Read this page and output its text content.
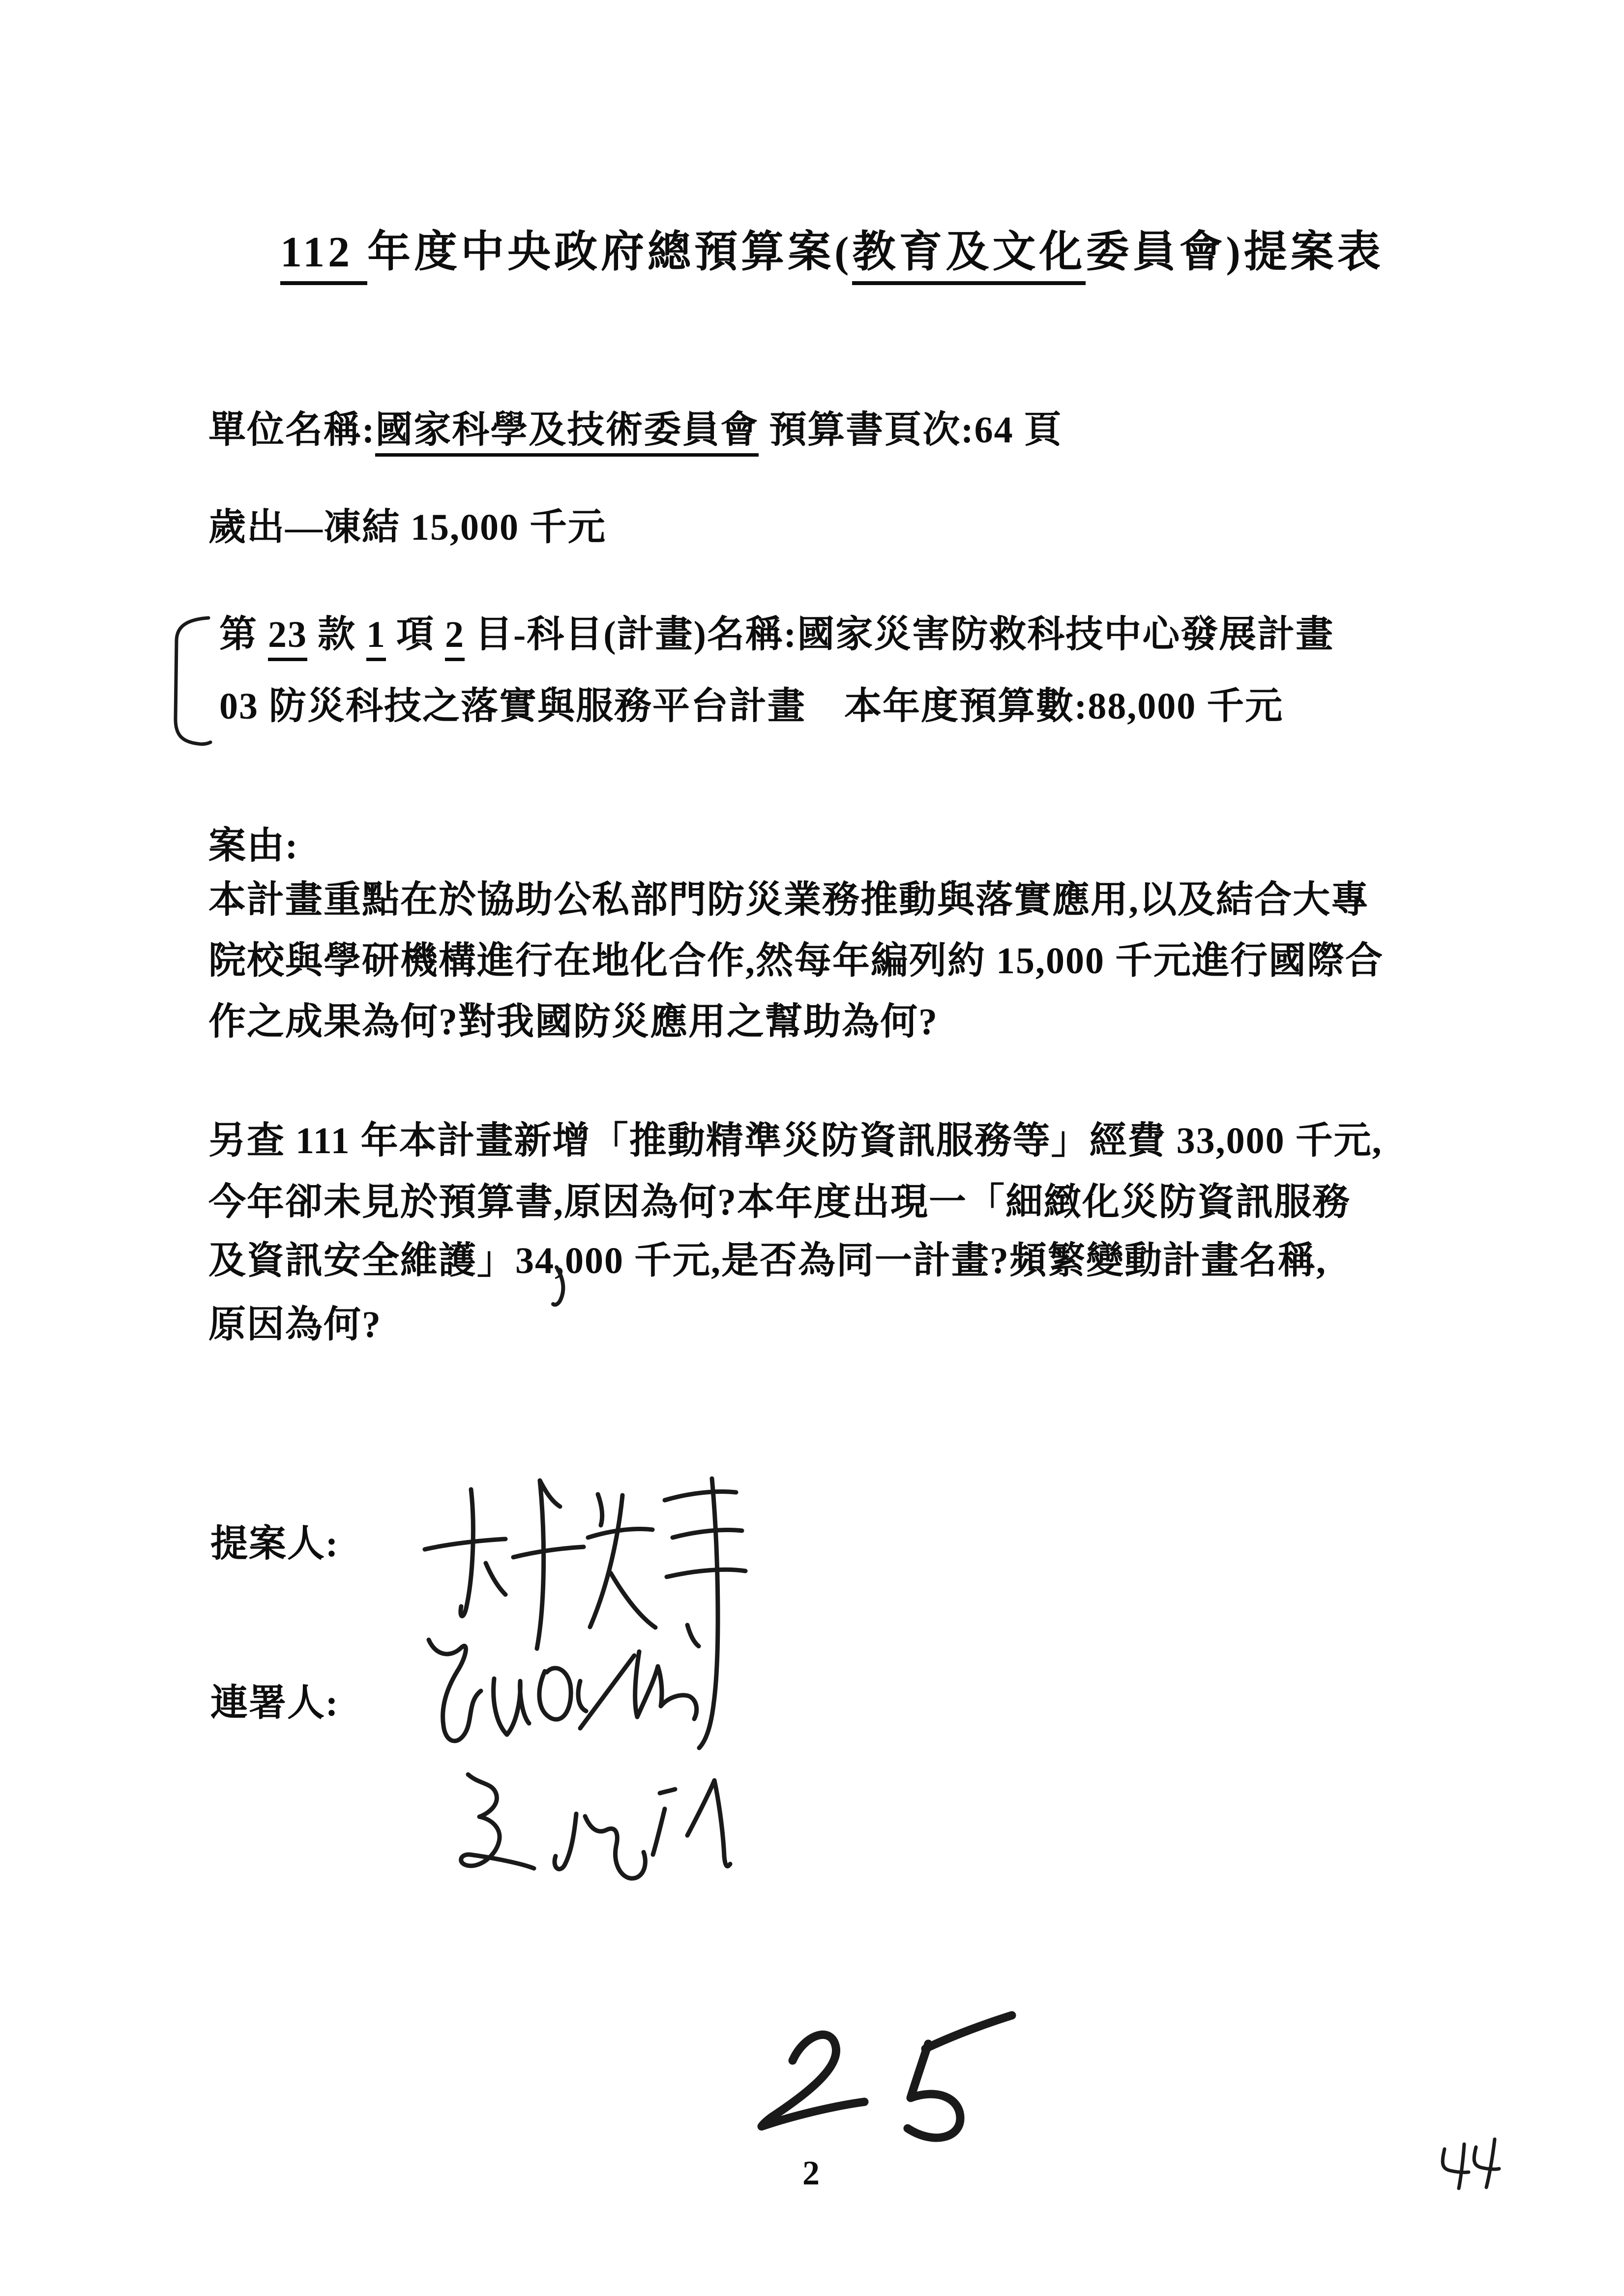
112 年度中央政府總預算案(教育及文化委員會)提案表
單位名稱:國家科學及技術委員會 預算書頁次:64 頁
歲出—凍結 15,000 千元
第 23 款 1 項 2 目-科目(計畫)名稱:國家災害防救科技中心發展計畫
03 防災科技之落實與服務平台計畫　本年度預算數:88,000 千元
案由:
本計畫重點在於協助公私部門防災業務推動與落實應用,以及結合大專
院校與學研機構進行在地化合作,然每年編列約 15,000 千元進行國際合
作之成果為何?對我國防災應用之幫助為何?
另查 111 年本計畫新增「推動精準災防資訊服務等」經費 33,000 千元,
今年卻未見於預算書,原因為何?本年度出現一「細緻化災防資訊服務
及資訊安全維護」34,000 千元,是否為同一計畫?頻繁變動計畫名稱,
原因為何?
提案人:
連署人:
2
